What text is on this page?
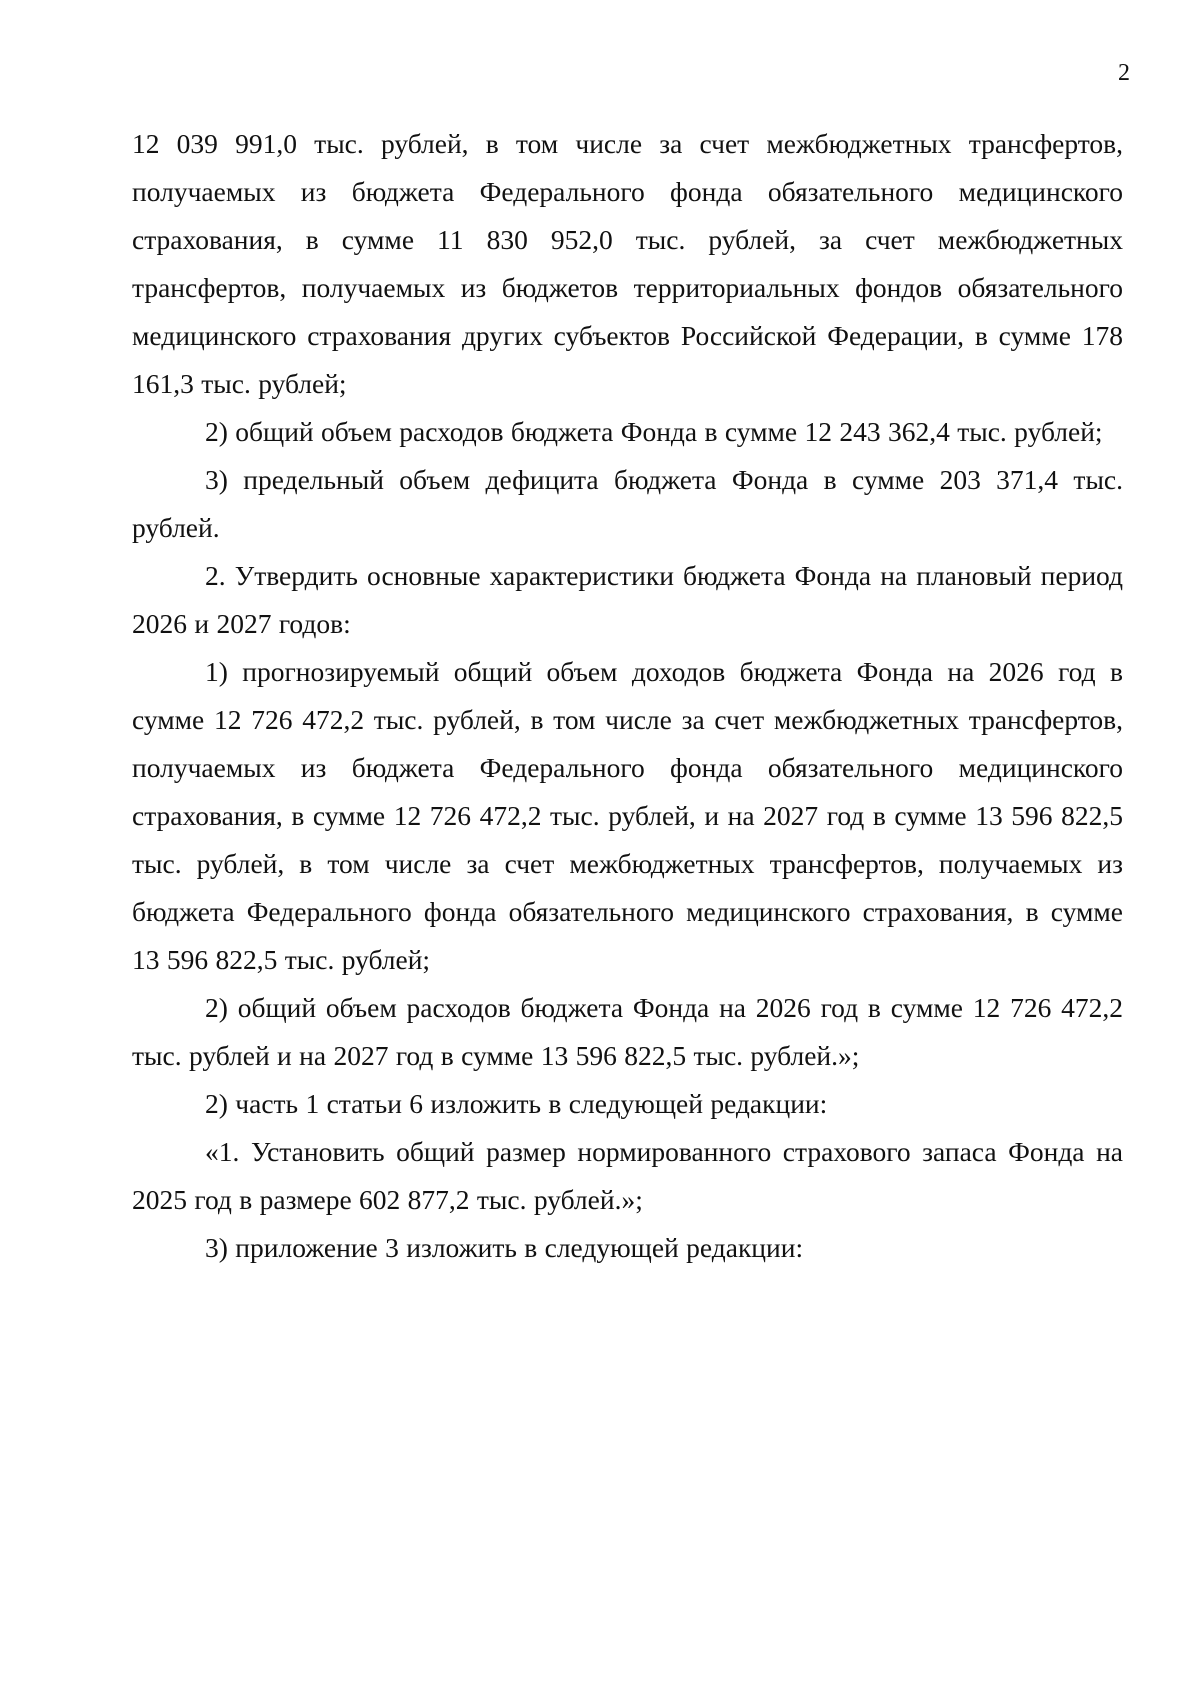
2

12 039 991,0 тыс. рублей, в том числе за счет межбюджетных трансфертов, получаемых из бюджета Федерального фонда обязательного медицинского страхования, в сумме 11 830 952,0 тыс. рублей, за счет межбюджетных трансфертов, получаемых из бюджетов территориальных фондов обязательного медицинского страхования других субъектов Российской Федерации, в сумме 178 161,3 тыс. рублей;

2) общий объем расходов бюджета Фонда в сумме 12 243 362,4 тыс. рублей;

3) предельный объем дефицита бюджета Фонда в сумме 203 371,4 тыс. рублей.

2. Утвердить основные характеристики бюджета Фонда на плановый период 2026 и 2027 годов:

1) прогнозируемый общий объем доходов бюджета Фонда на 2026 год в сумме 12 726 472,2 тыс. рублей, в том числе за счет межбюджетных трансфертов, получаемых из бюджета Федерального фонда обязательного медицинского страхования, в сумме 12 726 472,2 тыс. рублей, и на 2027 год в сумме 13 596 822,5 тыс. рублей, в том числе за счет межбюджетных трансфертов, получаемых из бюджета Федерального фонда обязательного медицинского страхования, в сумме 13 596 822,5 тыс. рублей;

2) общий объем расходов бюджета Фонда на 2026 год в сумме 12 726 472,2 тыс. рублей и на 2027 год в сумме 13 596 822,5 тыс. рублей.»;

2) часть 1 статьи 6 изложить в следующей редакции:

«1. Установить общий размер нормированного страхового запаса Фонда на 2025 год в размере 602 877,2 тыс. рублей.»;

3) приложение 3 изложить в следующей редакции:
